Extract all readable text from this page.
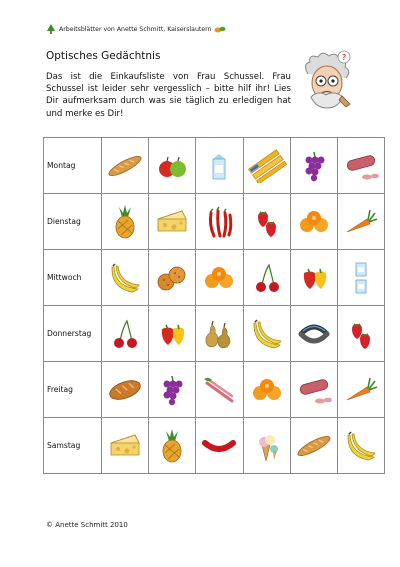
Arbeitsblätter von Anette Schmitt, Kaiserslautern
Optisches Gedächtnis
Das ist die Einkaufsliste von Frau Schussel. Frau Schussel ist leider sehr vergesslich – bitte hilf ihr! Lies Dir aufmerksam durch was sie täglich zu erledigen hat und merke es Dir!
?
Montag	

Dienstag	

Mittwoch	

Donnerstag	

Freitag	

Samstag	

© Anette Schmitt 2010
